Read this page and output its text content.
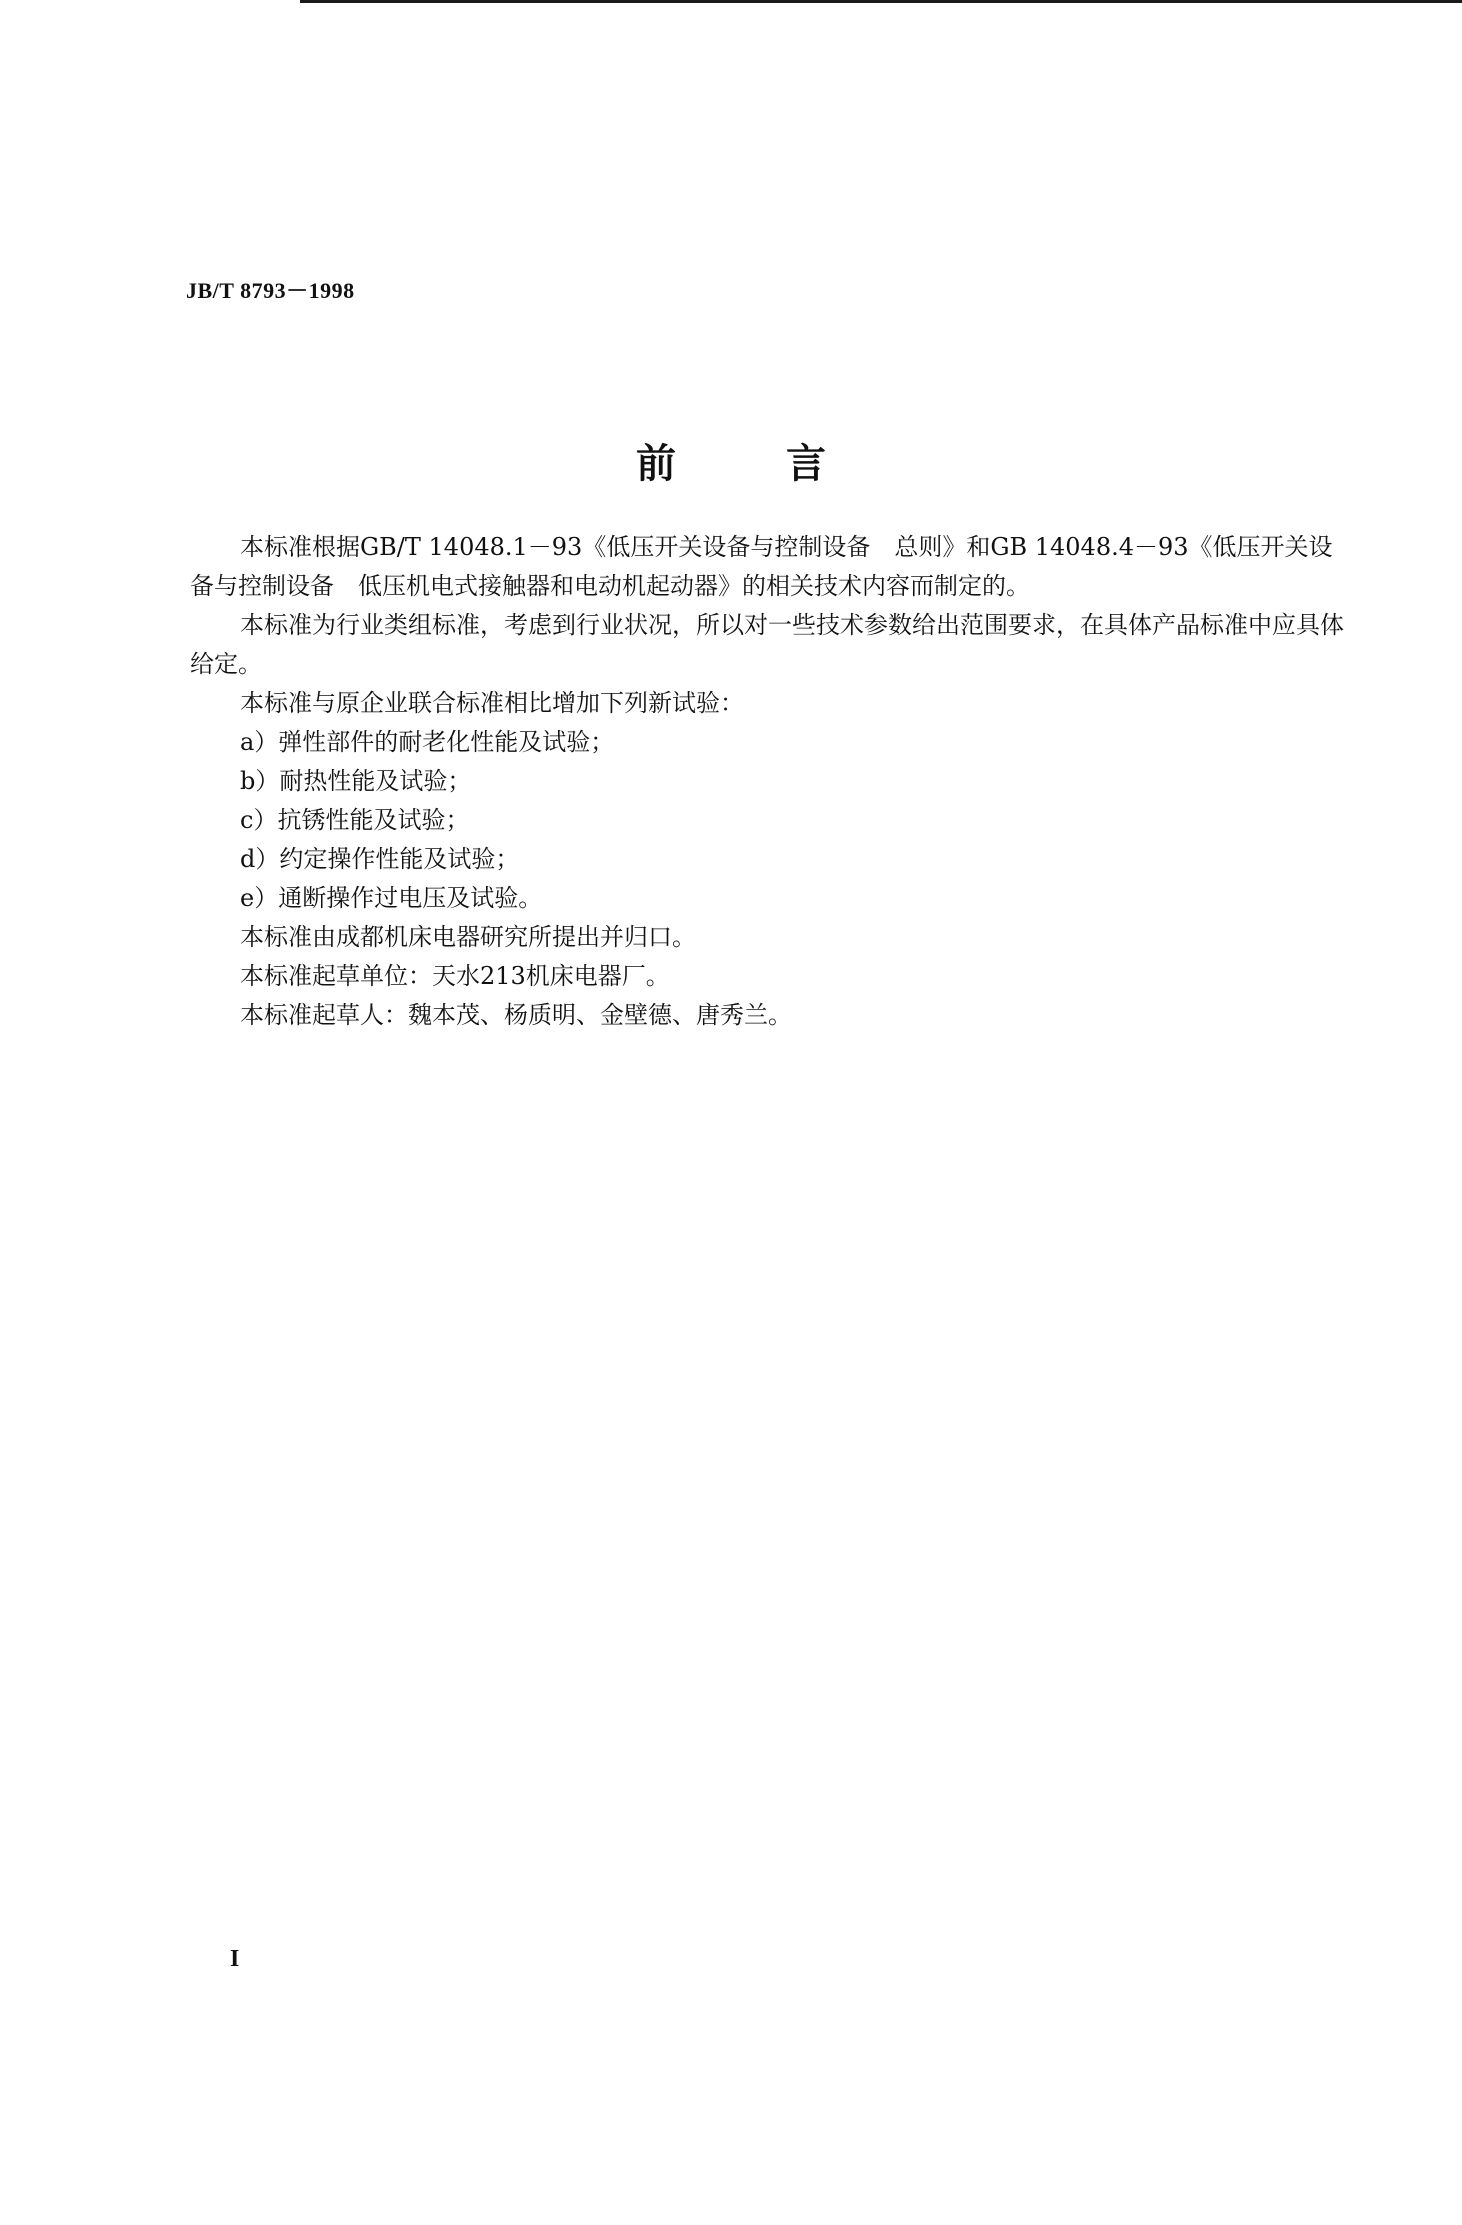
JB/T 8793－1998
前言

本标准根据GB/T 14048.1－93《低压开关设备与控制设备　总则》和GB 14048.4－93《低压开关设备与控制设备　低压机电式接触器和电动机起动器》的相关技术内容而制定的。

本标准为行业类组标准，考虑到行业状况，所以对一些技术参数给出范围要求，在具体产品标准中应具体给定。

本标准与原企业联合标准相比增加下列新试验：

a）弹性部件的耐老化性能及试验；

b）耐热性能及试验；

c）抗锈性能及试验；

d）约定操作性能及试验；

e）通断操作过电压及试验。

本标准由成都机床电器研究所提出并归口。

本标准起草单位：天水213机床电器厂。

本标准起草人：魏本茂、杨质明、金壁德、唐秀兰。

I
